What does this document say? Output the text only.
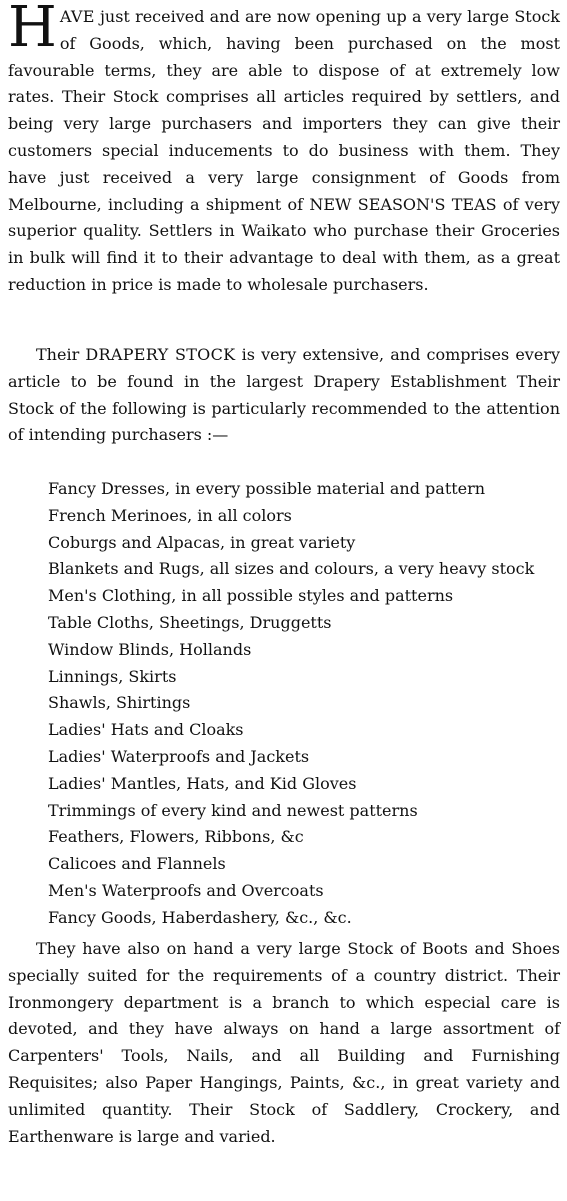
HAVE just received and are now opening up a very large Stock of Goods, which, having been purchased on the most favourable terms, they are able to dispose of at extremely low rates. Their Stock comprises all articles required by settlers, and being very large purchasers and importers they can give their customers special inducements to do business with them. They have just received a very large consignment of Goods from Melbourne, including a shipment of NEW SEASON'S TEAS of very superior quality. Settlers in Waikato who purchase their Groceries in bulk will find it to their advantage to deal with them, as a great reduction in price is made to wholesale purchasers.

Their DRAPERY STOCK is very extensive, and comprises every article to be found in the largest Drapery Establishment Their Stock of the following is particularly recommended to the attention of intending purchasers :—

Fancy Dresses, in every possible material and pattern
French Merinoes, in all colors
Coburgs and Alpacas, in great variety
Blankets and Rugs, all sizes and colours, a very heavy stock
Men's Clothing, in all possible styles and patterns
Table Cloths, Sheetings, Druggetts
Window Blinds, Hollands
Linnings, Skirts
Shawls, Shirtings
Ladies' Hats and Cloaks
Ladies' Waterproofs and Jackets
Ladies' Mantles, Hats, and Kid Gloves
Trimmings of every kind and newest patterns
Feathers, Flowers, Ribbons, &c
Calicoes and Flannels
Men's Waterproofs and Overcoats
Fancy Goods, Haberdashery, &c., &c.

They have also on hand a very large Stock of Boots and Shoes specially suited for the requirements of a country district. Their Ironmongery department is a branch to which especial care is devoted, and they have always on hand a large assortment of Carpenters' Tools, Nails, and all Building and Furnishing Requisites; also Paper Hangings, Paints, &c., in great variety and unlimited quantity. Their Stock of Saddlery, Crockery, and Earthenware is large and varied.
